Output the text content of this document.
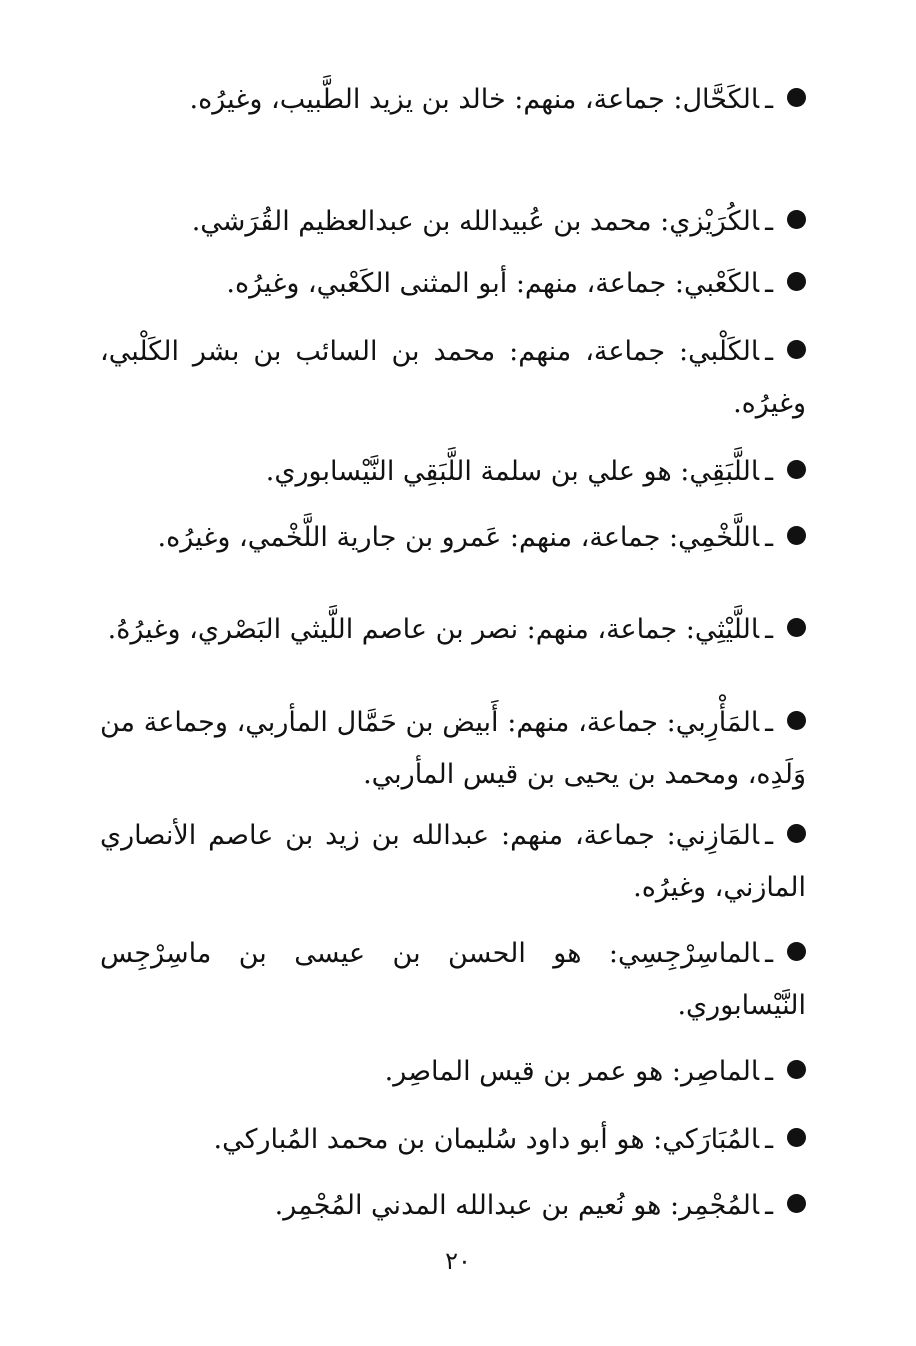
ـالكَحَّال: جماعة، منهم: خالد بن يزيد الطَّبيب، وغيرُه.
ـالكُرَيْزي: محمد بن عُبيدالله بن عبدالعظيم القُرَشي.
ـالكَعْبي: جماعة، منهم: أبو المثنى الكَعْبي، وغيرُه.
ـالكَلْبي: جماعة، منهم: محمد بن السائب بن بشر الكَلْبي، وغيرُه.
ـاللَّبَقِي: هو علي بن سلمة اللَّبَقِي النَّيْسابوري.
ـاللَّخْمِي: جماعة، منهم: عَمرو بن جارية اللَّخْمي، وغيرُه.
ـاللَّيْثِي: جماعة، منهم: نصر بن عاصم اللَّيثي البَصْري، وغيرُهُ.
ـالمَأْرِبي: جماعة، منهم: أَبيض بن حَمَّال المأربي، وجماعة من وَلَدِه، ومحمد بن يحيى بن قيس المأربي.
ـالمَازِني: جماعة، منهم: عبدالله بن زيد بن عاصم الأنصاري المازني، وغيرُه.
ـالماسِرْجِسِي: هو الحسن بن عيسى بن ماسِرْجِس النَّيْسابوري.
ـالماصِر: هو عمر بن قيس الماصِر.
ـالمُبَارَكي: هو أبو داود سُليمان بن محمد المُباركي.
ـالمُجْمِر: هو نُعيم بن عبدالله المدني المُجْمِر.
٢٠
